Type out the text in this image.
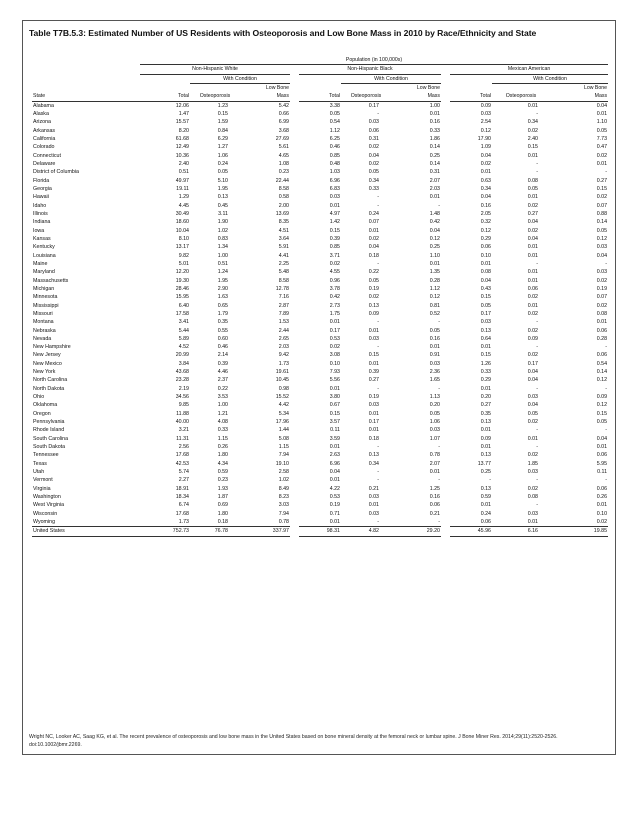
Table T7B.5.3: Estimated Number of US Residents with Osteoporosis and Low Bone Mass in 2010 by Race/Ethnicity and State
	Population (in 100,000s)										
	Non-Hispanic White				Non-Hispanic Black				Mexican American		
		With Condition				With Condition				With Condition	
			Low Bone				Low Bone				Low Bone
State	Total	Osteoporosis	Mass		Total	Osteoporosis	Mass		Total	Osteoporosis	Mass
Alabama	12.06	1.23	5.42		3.38	0.17	1.00		0.09	0.01	0.04
Alaska	1.47	0.15	0.66		0.05	-	0.01		0.03	-	0.01
Arizona	15.57	1.59	6.99		0.54	0.03	0.16		2.54	0.34	1.10
Arkansas	8.20	0.84	3.68		1.12	0.06	0.33		0.12	0.02	0.05
California	61.68	6.29	27.69		6.25	0.31	1.86		17.90	2.40	7.73
Colorado	12.49	1.27	5.61		0.46	0.02	0.14		1.09	0.15	0.47
Connecticut	10.36	1.06	4.65		0.85	0.04	0.25		0.04	0.01	0.02
Delaware	2.40	0.24	1.08		0.48	0.02	0.14		0.02	-	0.01
District of Columbia	0.51	0.05	0.23		1.03	0.05	0.31		0.01	-	-
Florida	49.97	5.10	22.44		6.96	0.34	2.07		0.63	0.08	0.27
Georgia	19.11	1.95	8.58		6.83	0.33	2.03		0.34	0.05	0.15
Hawaii	1.29	0.13	0.58		0.03	-	0.01		0.04	0.01	0.02
Idaho	4.45	0.45	2.00		0.01	-	-		0.16	0.02	0.07
Illinois	30.49	3.11	13.69		4.97	0.24	1.48		2.05	0.27	0.88
Indiana	18.60	1.90	8.35		1.42	0.07	0.42		0.32	0.04	0.14
Iowa	10.04	1.02	4.51		0.15	0.01	0.04		0.12	0.02	0.05
Kansas	8.10	0.83	3.64		0.39	0.02	0.12		0.29	0.04	0.12
Kentucky	13.17	1.34	5.91		0.85	0.04	0.25		0.06	0.01	0.03
Louisiana	9.82	1.00	4.41		3.71	0.18	1.10		0.10	0.01	0.04
Maine	5.01	0.51	2.25		0.02	-	0.01		0.01	-	-
Maryland	12.20	1.24	5.48		4.55	0.22	1.35		0.08	0.01	0.03
Massachusetts	19.30	1.95	8.58		0.96	0.05	0.28		0.04	0.01	0.02
Michigan	28.46	2.90	12.78		3.78	0.19	1.12		0.43	0.06	0.19
Minnesota	15.95	1.63	7.16		0.42	0.02	0.12		0.15	0.02	0.07
Mississippi	6.40	0.65	2.87		2.73	0.13	0.81		0.05	0.01	0.02
Missouri	17.58	1.79	7.89		1.75	0.09	0.52		0.17	0.02	0.08
Montana	3.41	0.35	1.53		0.01	-	-		0.03	-	0.01
Nebraska	5.44	0.55	2.44		0.17	0.01	0.05		0.13	0.02	0.06
Nevada	5.89	0.60	2.65		0.53	0.03	0.16		0.64	0.09	0.28
New Hampshire	4.52	0.46	2.03		0.02	-	0.01		0.01	-	-
New Jersey	20.99	2.14	9.42		3.08	0.15	0.91		0.15	0.02	0.06
New Mexico	3.84	0.39	1.73		0.10	0.01	0.03		1.26	0.17	0.54
New York	43.68	4.46	19.61		7.93	0.39	2.36		0.33	0.04	0.14
North Carolina	23.28	2.37	10.45		5.56	0.27	1.65		0.29	0.04	0.12
North Dakota	2.19	0.22	0.98		0.01	-	-		0.01	-	-
Ohio	34.56	3.53	15.52		3.80	0.19	1.13		0.20	0.03	0.09
Oklahoma	9.85	1.00	4.42		0.67	0.03	0.20		0.27	0.04	0.12
Oregon	11.88	1.21	5.34		0.15	0.01	0.05		0.35	0.05	0.15
Pennsylvania	40.00	4.08	17.96		3.57	0.17	1.06		0.13	0.02	0.05
Rhode Island	3.21	0.33	1.44		0.11	0.01	0.03		0.01	-	-
South Carolina	11.31	1.15	5.08		3.59	0.18	1.07		0.09	0.01	0.04
South Dakota	2.56	0.26	1.15		0.01	-	-		0.01	-	0.01
Tennessee	17.68	1.80	7.94		2.63	0.13	0.78		0.13	0.02	0.06
Texas	42.53	4.34	19.10		6.96	0.34	2.07		13.77	1.85	5.95
Utah	5.74	0.59	2.58		0.04	-	0.01		0.25	0.03	0.11
Vermont	2.27	0.23	1.02		0.01	-	-		-	-	-
Virginia	18.91	1.93	8.49		4.22	0.21	1.25		0.13	0.02	0.06
Washington	18.34	1.87	8.23		0.53	0.03	0.16		0.59	0.08	0.26
West Virginia	6.74	0.69	3.03		0.19	0.01	0.06		0.01	-	0.01
Wisconsin	17.68	1.80	7.94		0.71	0.03	0.21		0.24	0.03	0.10
Wyoming	1.73	0.18	0.78		0.01	-	-		0.06	0.01	0.02
United States	752.73	76.78	337.97		98.31	4.82	29.20		45.96	6.16	19.85
Wright NC, Looker AC, Saag KG, et al. The recent prevalence of osteoporosis and low bone mass in the United States based on bone mineral density at the femoral neck or lumbar spine. J Bone Miner Res. 2014;29(11):2520-2526. doi:10.1002/jbmr.2269.
